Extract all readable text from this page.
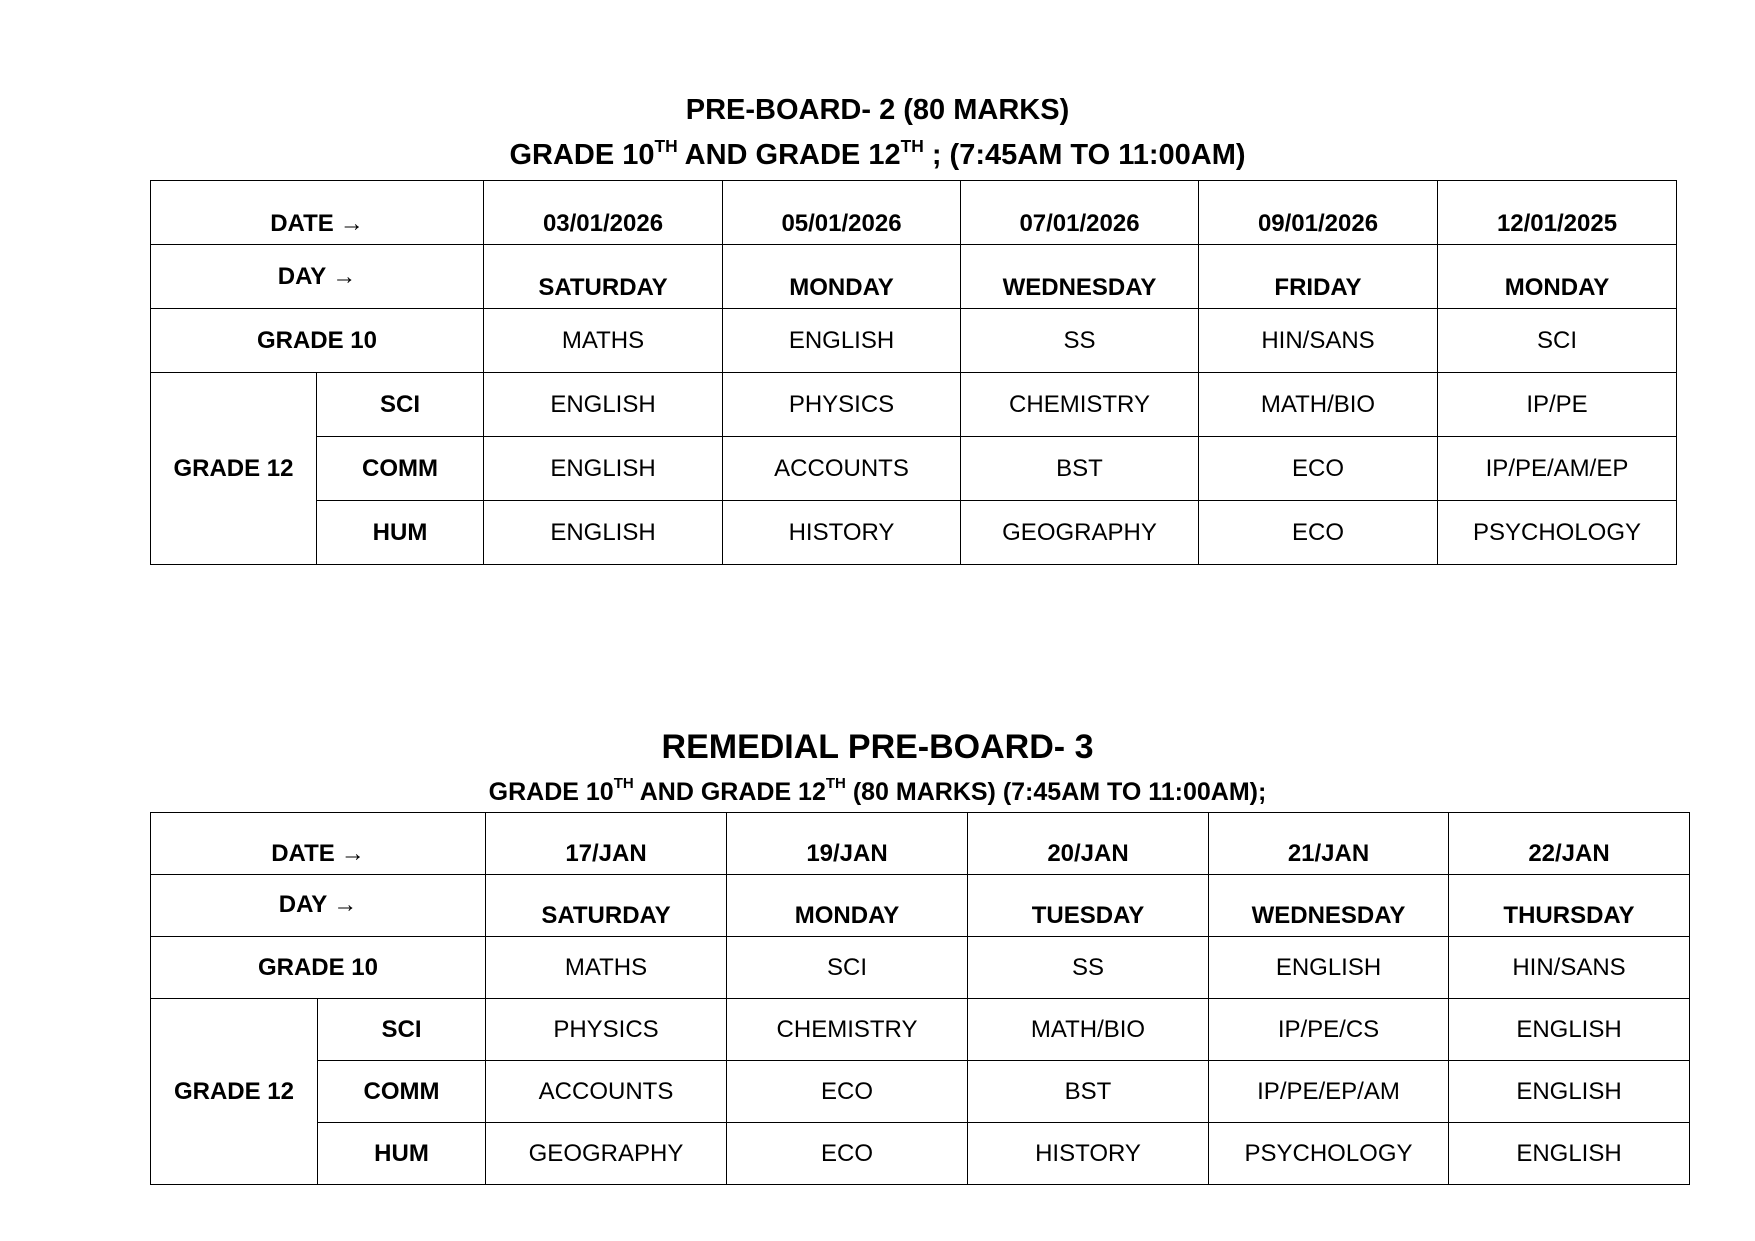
PRE-BOARD- 2 (80 MARKS)
GRADE 10TH AND GRADE 12TH ; (7:45AM TO 11:00AM)
DATE →		03/01/2026	05/01/2026	07/01/2026	09/01/2026	12/01/2025
DAY →		SATURDAY	MONDAY	WEDNESDAY	FRIDAY	MONDAY
GRADE 10		MATHS	ENGLISH	SS	HIN/SANS	SCI
GRADE 12	SCI	ENGLISH	PHYSICS	CHEMISTRY	MATH/BIO	IP/PE
	COMM	ENGLISH	ACCOUNTS	BST	ECO	IP/PE/AM/EP
	HUM	ENGLISH	HISTORY	GEOGRAPHY	ECO	PSYCHOLOGY
REMEDIAL PRE-BOARD- 3
GRADE 10TH AND GRADE 12TH (80 MARKS) (7:45AM TO 11:00AM);
DATE →		17/JAN	19/JAN	20/JAN	21/JAN	22/JAN
DAY →		SATURDAY	MONDAY	TUESDAY	WEDNESDAY	THURSDAY
GRADE 10		MATHS	SCI	SS	ENGLISH	HIN/SANS
GRADE 12	SCI	PHYSICS	CHEMISTRY	MATH/BIO	IP/PE/CS	ENGLISH
	COMM	ACCOUNTS	ECO	BST	IP/PE/EP/AM	ENGLISH
	HUM	GEOGRAPHY	ECO	HISTORY	PSYCHOLOGY	ENGLISH
